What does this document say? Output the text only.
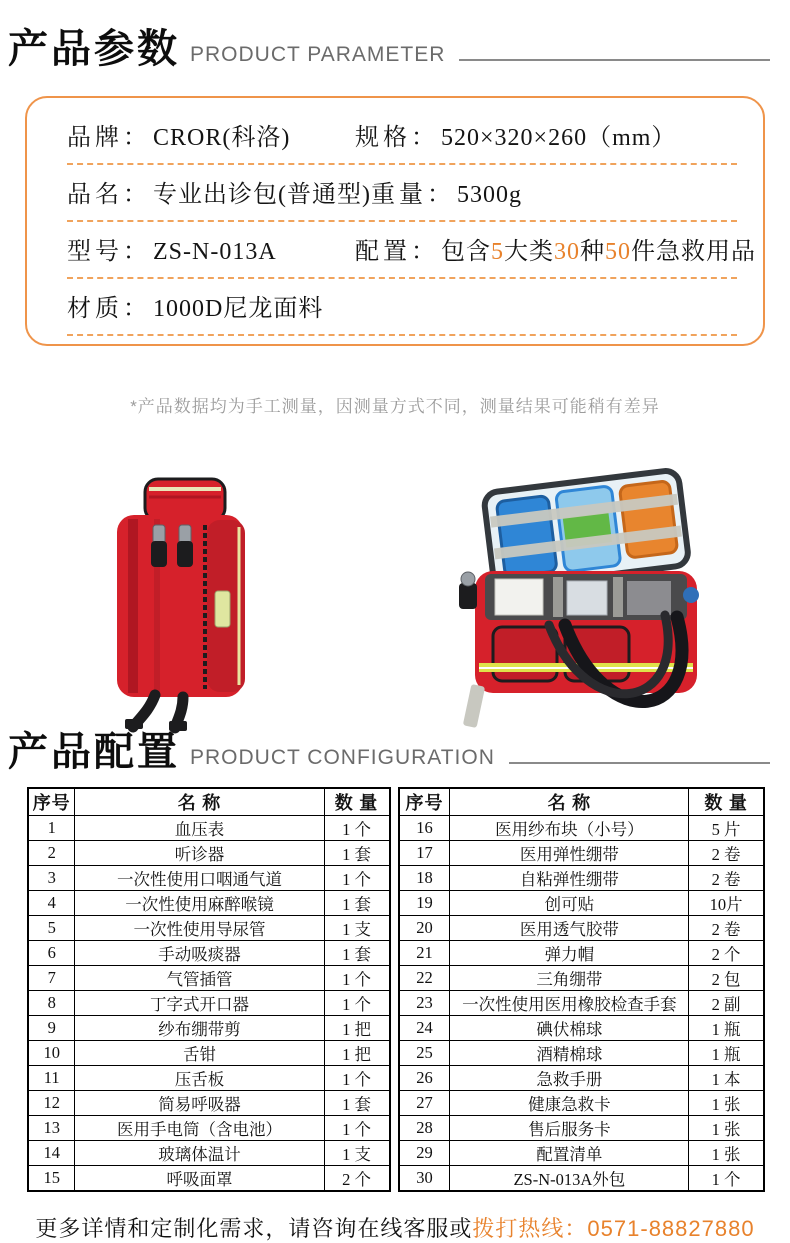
产品参数 PRODUCT PARAMETER
品牌： CROR(科洛)	规格： 520×320×260（mm）
品名： 专业出诊包(普通型) 重量： 5300g
型号： ZS-N-013A	配置： 包含5大类30种50件急救用品
材质： 1000D尼龙面料
*产品数据均为手工测量，因测量方式不同，测量结果可能稍有差异
产品配置 PRODUCT CONFIGURATION
序号	名 称	数 量
1	血压表	1 个
2	听诊器	1 套
3	一次性使用口咽通气道	1 个
4	一次性使用麻醉喉镜	1 套
5	一次性使用导尿管	1 支
6	手动吸痰器	1 套
7	气管插管	1 个
8	丁字式开口器	1 个
9	纱布绷带剪	1 把
10	舌钳	1 把
11	压舌板	1 个
12	简易呼吸器	1 套
13	医用手电筒（含电池）	1 个
14	玻璃体温计	1 支
15	呼吸面罩	2 个
序号	名 称	数 量
16	医用纱布块（小号）	5 片
17	医用弹性绷带	2 卷
18	自粘弹性绷带	2 卷
19	创可贴	10片
20	医用透气胶带	2 卷
21	弹力帽	2 个
22	三角绷带	2 包
23	一次性使用医用橡胶检查手套	2 副
24	碘伏棉球	1 瓶
25	酒精棉球	1 瓶
26	急救手册	1 本
27	健康急救卡	1 张
28	售后服务卡	1 张
29	配置清单	1 张
30	ZS-N-013A外包	1 个
更多详情和定制化需求，请咨询在线客服或拨打热线：0571-88827880
